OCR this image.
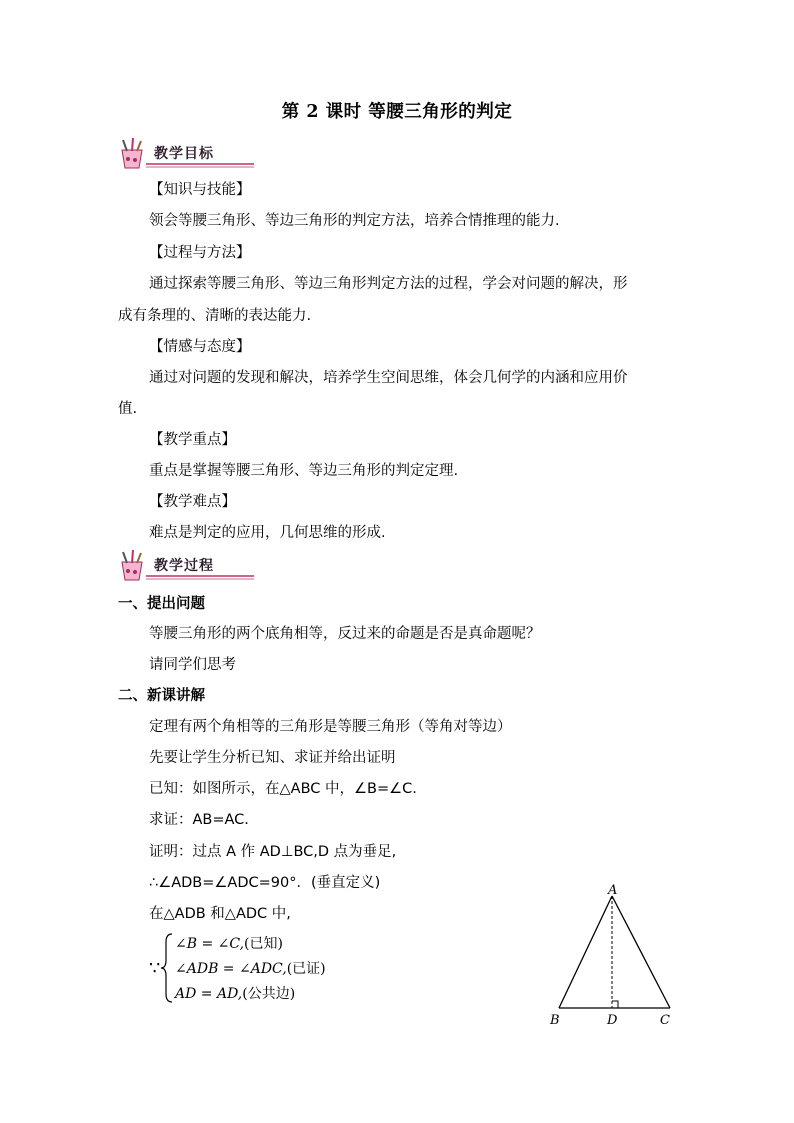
第 2 课时 等腰三角形的判定
教学目标
【知识与技能】
领会等腰三角形、等边三角形的判定方法，培养合情推理的能力.
【过程与方法】
通过探索等腰三角形、等边三角形判定方法的过程，学会对问题的解决，形
成有条理的、清晰的表达能力.
【情感与态度】
通过对问题的发现和解决，培养学生空间思维，体会几何学的内涵和应用价
值.
【教学重点】
重点是掌握等腰三角形、等边三角形的判定定理.
【教学难点】
难点是判定的应用，几何思维的形成.
教学过程
一、提出问题
等腰三角形的两个底角相等，反过来的命题是否是真命题呢？
请同学们思考
二、新课讲解
定理有两个角相等的三角形是等腰三角形（等角对等边）
先要让学生分析已知、求证并给出证明
已知：如图所示，在△ABC 中，∠B=∠C.
求证：AB=AC.
证明：过点 A 作 AD⊥BC,D 点为垂足,
∴∠ADB=∠ADC=90°．(垂直定义)
在△ADB 和△ADC 中,
∵
∠B = ∠C,(已知)
∠ADB = ∠ADC,(已证)
AD = AD,(公共边)
A
B	D	C
